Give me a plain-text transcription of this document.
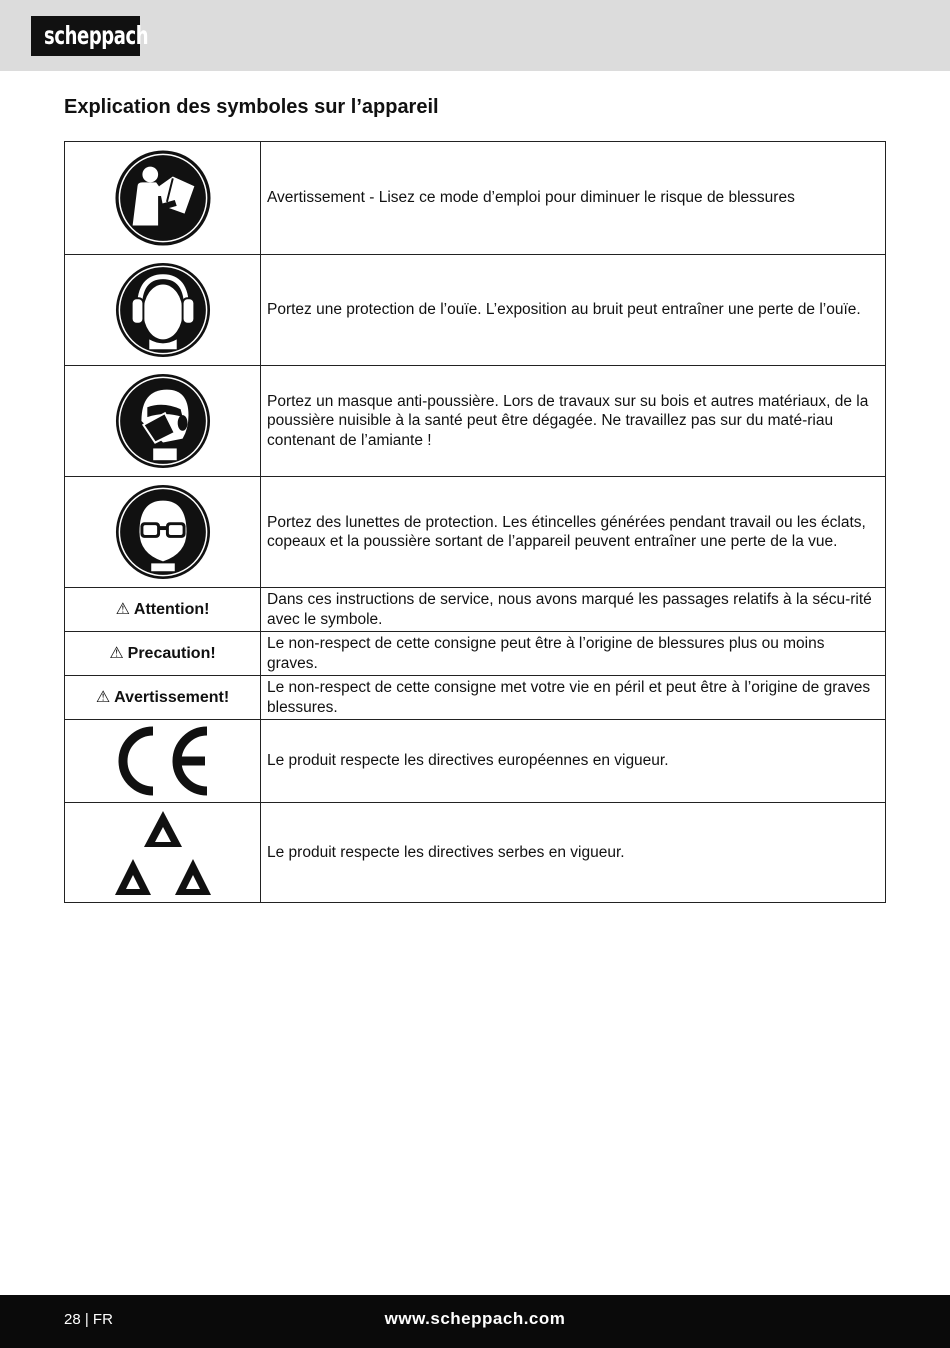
scheppach
Explication des symboles sur l’appareil
	Avertissement - Lisez ce mode d’emploi pour diminuer le risque de blessures

	Portez une protection de l’ouïe. L’exposition au bruit peut entraîner une perte de l’ouïe.

	Portez un masque anti-poussière. Lors de travaux sur su bois et autres matériaux, de la poussière nuisible à la santé peut être dégagée. Ne travaillez pas sur du maté-riau contenant de l’amiante !

	Portez des lunettes de protection. Les étincelles générées pendant travail ou les éclats, copeaux et la poussière sortant de l’appareil peuvent entraîner une perte de la vue.
⚠ Attention!	Dans ces instructions de service, nous avons marqué les passages relatifs à la sécu-rité avec le symbole.
⚠ Precaution!	Le non-respect de cette consigne peut être à l’origine de blessures plus ou moins graves.
⚠ Avertissement!	Le non-respect de cette consigne met votre vie en péril et peut être à l’origine de graves blessures.

	Le produit respecte les directives européennes en vigueur.

	Le produit respecte les directives serbes en vigueur.
28 | FR	www.scheppach.com
